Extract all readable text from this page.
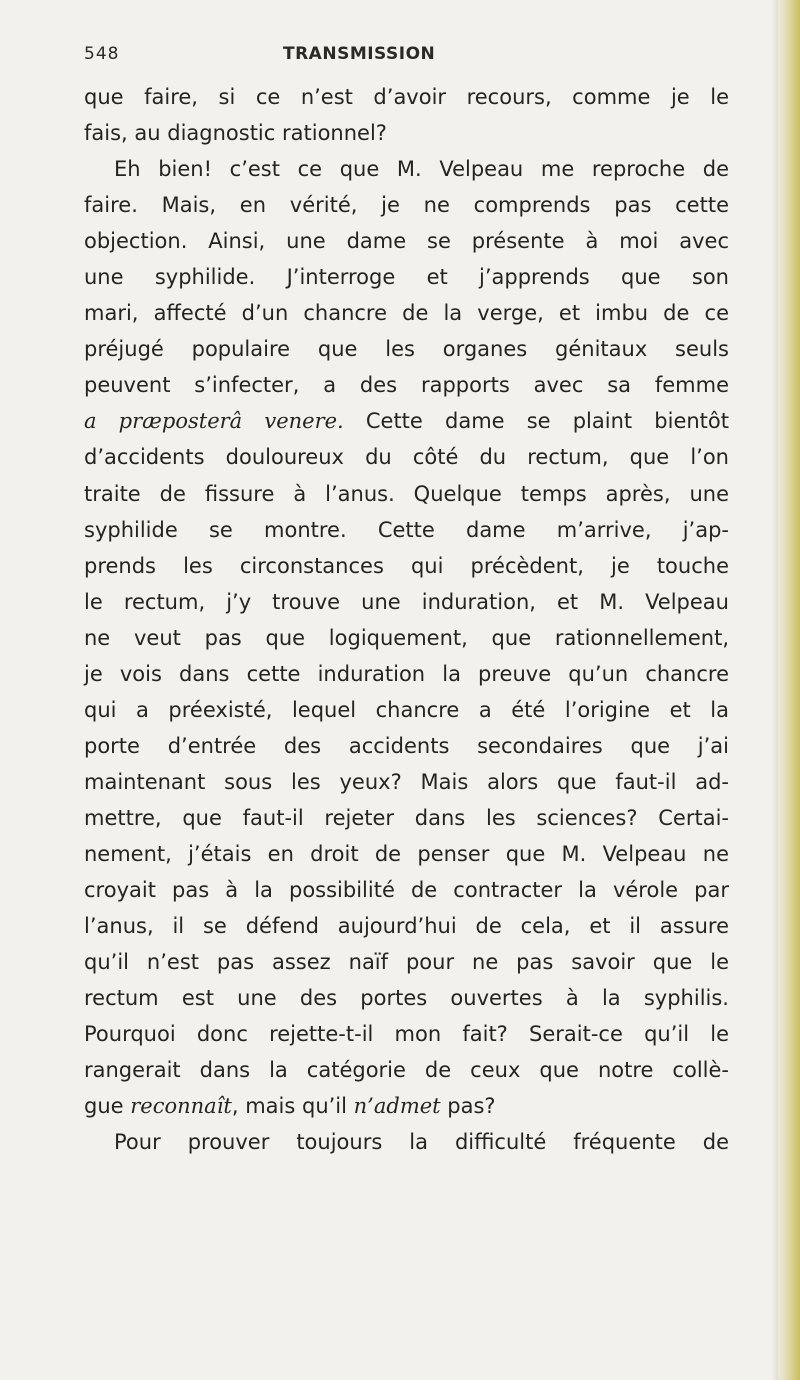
548	TRANSMISSION
que faire, si ce n’est d’avoir recours, comme je le
fais, au diagnostic rationnel?
Eh bien! c’est ce que M. Velpeau me reproche de
faire. Mais, en vérité, je ne comprends pas cette
objection. Ainsi, une dame se présente à moi avec
une syphilide. J’interroge et j’apprends que son
mari, affecté d’un chancre de la verge, et imbu de ce
préjugé populaire que les organes génitaux seuls
peuvent s’infecter, a des rapports avec sa femme
a præposterâ venere. Cette dame se plaint bientôt
d’accidents douloureux du côté du rectum, que l’on
traite de fissure à l’anus. Quelque temps après, une
syphilide se montre. Cette dame m’arrive, j’ap-
prends les circonstances qui précèdent, je touche
le rectum, j’y trouve une induration, et M. Velpeau
ne veut pas que logiquement, que rationnellement,
je vois dans cette induration la preuve qu’un chancre
qui a préexisté, lequel chancre a été l’origine et la
porte d’entrée des accidents secondaires que j’ai
maintenant sous les yeux? Mais alors que faut-il ad-
mettre, que faut-il rejeter dans les sciences? Certai-
nement, j’étais en droit de penser que M. Velpeau ne
croyait pas à la possibilité de contracter la vérole par
l’anus, il se défend aujourd’hui de cela, et il assure
qu’il n’est pas assez naïf pour ne pas savoir que le
rectum est une des portes ouvertes à la syphilis.
Pourquoi donc rejette-t-il mon fait? Serait-ce qu’il le
rangerait dans la catégorie de ceux que notre collè-
gue reconnaît, mais qu’il n’admet pas?
Pour prouver toujours la difficulté fréquente de
